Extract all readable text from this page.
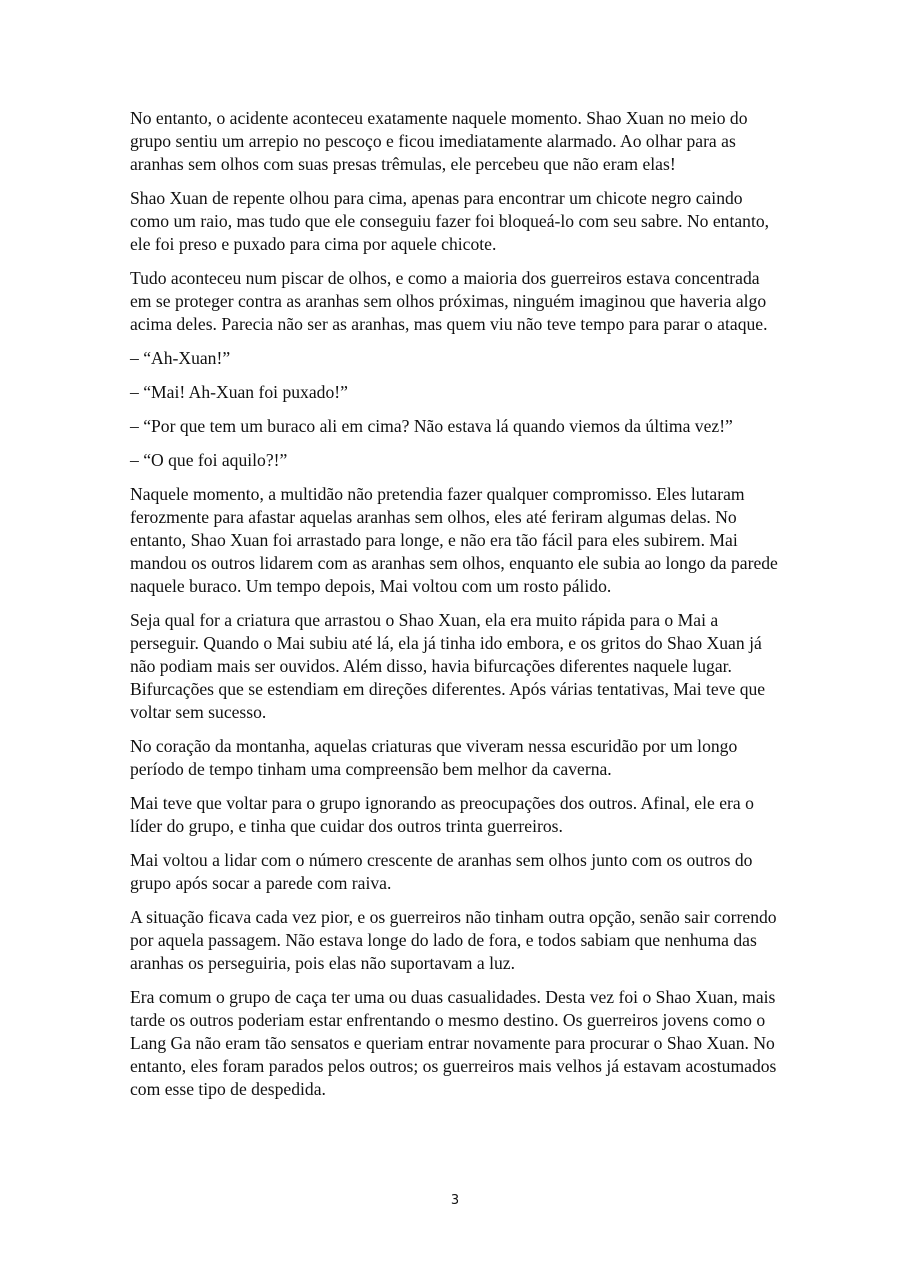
No entanto, o acidente aconteceu exatamente naquele momento. Shao Xuan no meio do grupo sentiu um arrepio no pescoço e ficou imediatamente alarmado. Ao olhar para as aranhas sem olhos com suas presas trêmulas, ele percebeu que não eram elas!

Shao Xuan de repente olhou para cima, apenas para encontrar um chicote negro caindo como um raio, mas tudo que ele conseguiu fazer foi bloqueá-lo com seu sabre. No entanto, ele foi preso e puxado para cima por aquele chicote.

Tudo aconteceu num piscar de olhos, e como a maioria dos guerreiros estava concentrada em se proteger contra as aranhas sem olhos próximas, ninguém imaginou que haveria algo acima deles. Parecia não ser as aranhas, mas quem viu não teve tempo para parar o ataque.

– “Ah-Xuan!”

– “Mai! Ah-Xuan foi puxado!”

– “Por que tem um buraco ali em cima? Não estava lá quando viemos da última vez!”

– “O que foi aquilo?!”

Naquele momento, a multidão não pretendia fazer qualquer compromisso. Eles lutaram ferozmente para afastar aquelas aranhas sem olhos, eles até feriram algumas delas. No entanto, Shao Xuan foi arrastado para longe, e não era tão fácil para eles subirem. Mai mandou os outros lidarem com as aranhas sem olhos, enquanto ele subia ao longo da parede naquele buraco. Um tempo depois, Mai voltou com um rosto pálido.

Seja qual for a criatura que arrastou o Shao Xuan, ela era muito rápida para o Mai a perseguir. Quando o Mai subiu até lá, ela já tinha ido embora, e os gritos do Shao Xuan já não podiam mais ser ouvidos. Além disso, havia bifurcações diferentes naquele lugar. Bifurcações que se estendiam em direções diferentes. Após várias tentativas, Mai teve que voltar sem sucesso.

No coração da montanha, aquelas criaturas que viveram nessa escuridão por um longo período de tempo tinham uma compreensão bem melhor da caverna.

Mai teve que voltar para o grupo ignorando as preocupações dos outros. Afinal, ele era o líder do grupo, e tinha que cuidar dos outros trinta guerreiros.

Mai voltou a lidar com o número crescente de aranhas sem olhos junto com os outros do grupo após socar a parede com raiva.

A situação ficava cada vez pior, e os guerreiros não tinham outra opção, senão sair correndo por aquela passagem. Não estava longe do lado de fora, e todos sabiam que nenhuma das aranhas os perseguiria, pois elas não suportavam a luz.

Era comum o grupo de caça ter uma ou duas casualidades. Desta vez foi o Shao Xuan, mais tarde os outros poderiam estar enfrentando o mesmo destino. Os guerreiros jovens como o Lang Ga não eram tão sensatos e queriam entrar novamente para procurar o Shao Xuan. No entanto, eles foram parados pelos outros; os guerreiros mais velhos já estavam acostumados com esse tipo de despedida.

3
